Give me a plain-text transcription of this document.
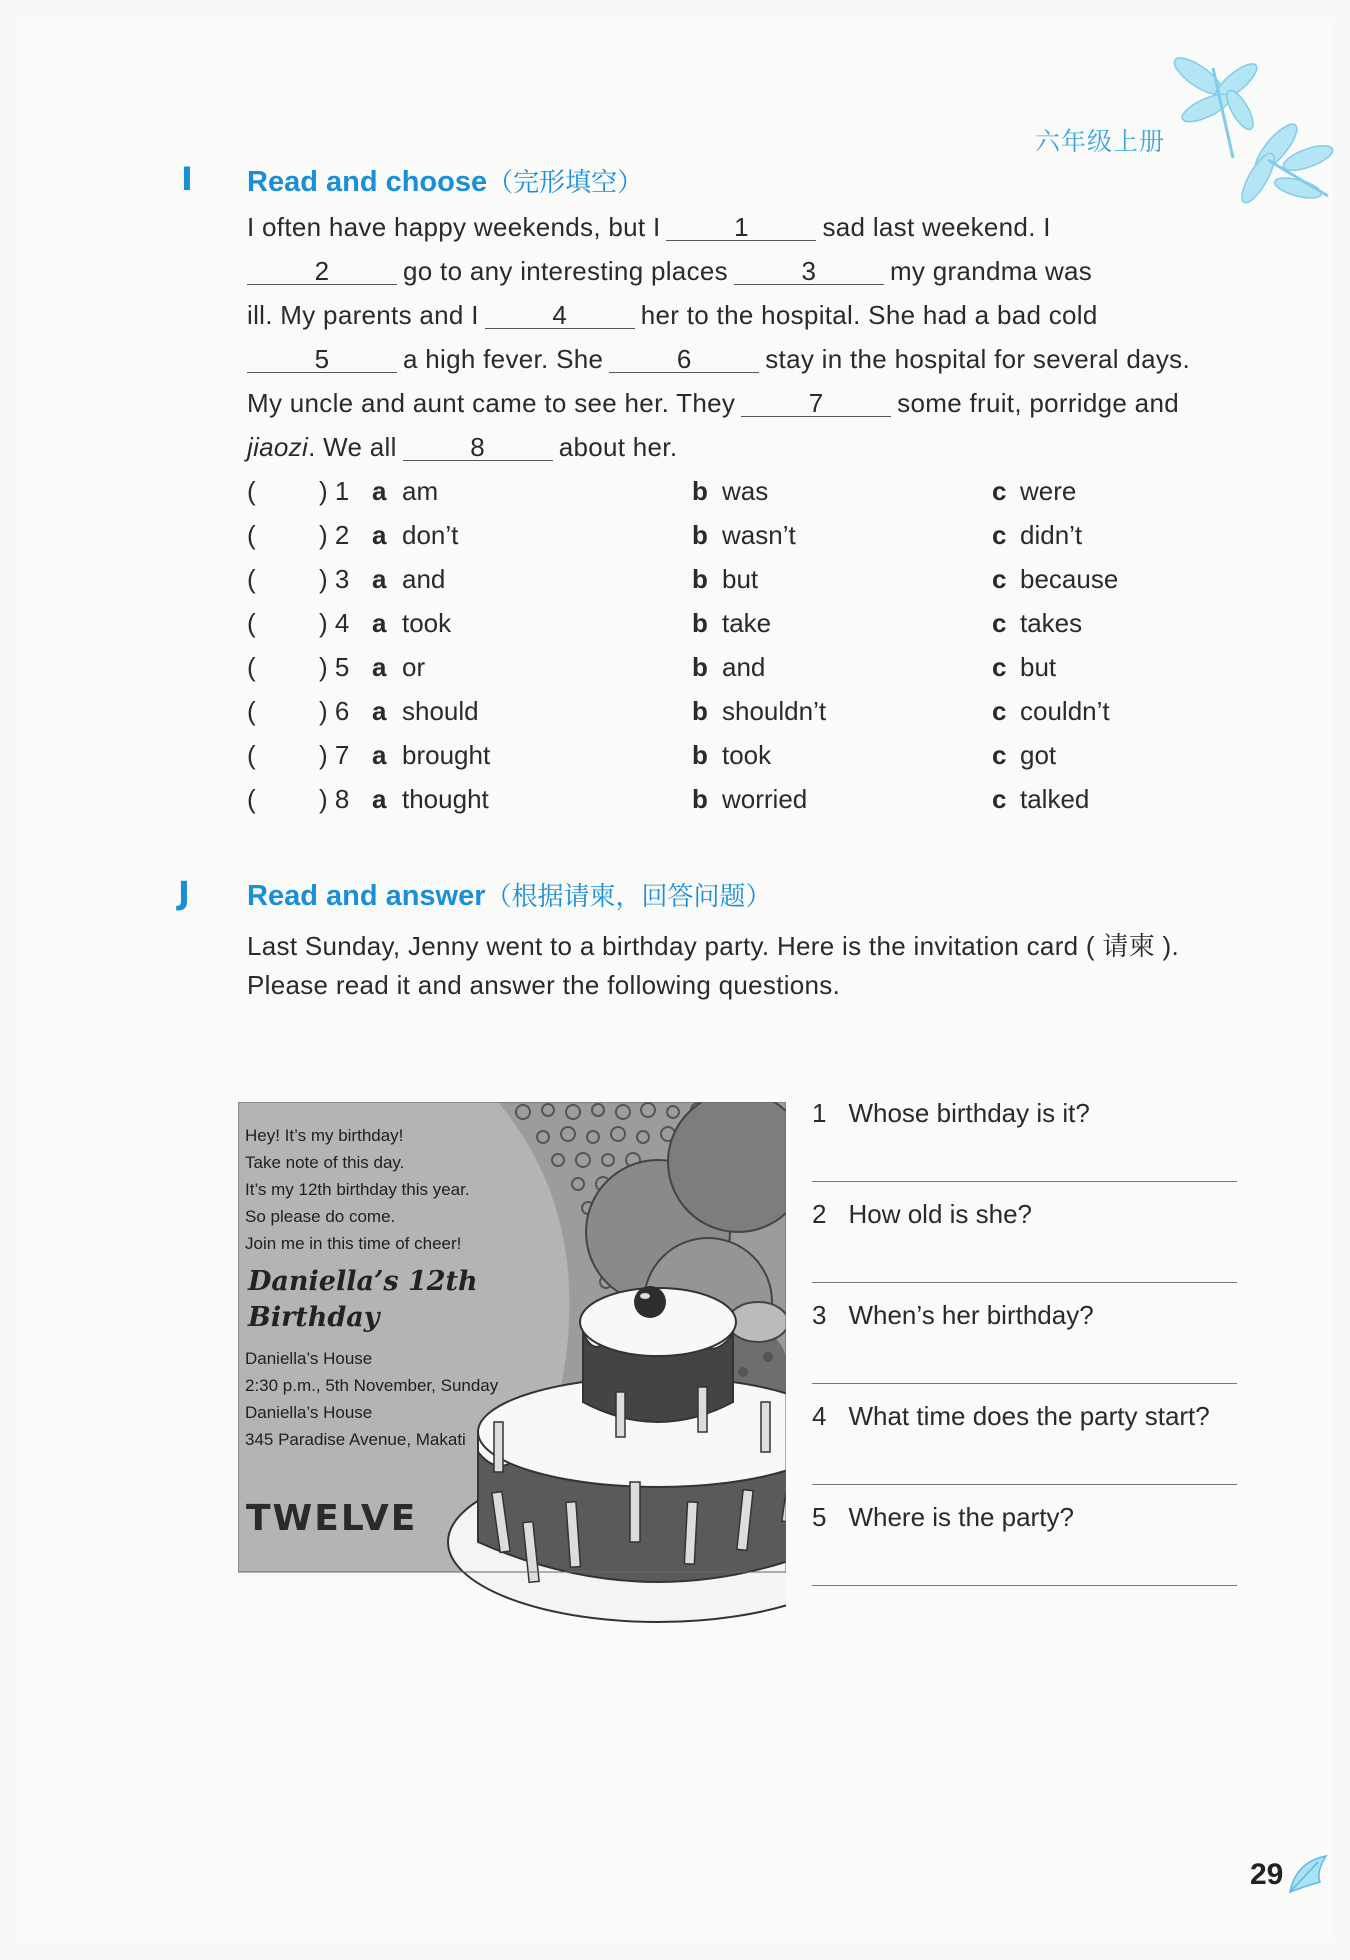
六年级上册
I Read and choose（完形填空）
I often have happy weekends, but I	1	sad last weekend. I
2	go to any interesting places	3	my grandma was
ill. My parents and I	4	her to the hospital. She had a bad cold
5	a high fever. She	6	stay in the hospital for several days.
My uncle and aunt came to see her. They	7	some fruit, porridge and
jiaozi. We all	8	about her.
( ) 1 a am	b was	c were
( ) 2 a don’t	b wasn’t	c didn’t
( ) 3 a and	b but	c because
( ) 4 a took	b take	c takes
( ) 5 a or	b and	c but
( ) 6 a should	b shouldn’t	c couldn’t
( ) 7 a brought	b took	c got
( ) 8 a thought	b worried	c talked
J Read and answer（根据请柬，回答问题）
Last Sunday, Jenny went to a birthday party. Here is the invitation card ( 请柬 ).
Please read it and answer the following questions.
Hey! It’s my birthday!
Take note of this day.
It’s my 12th birthday this year.
So please do come.
Join me in this time of cheer!
Daniella’s 12th
Birthday
Daniella’s House
2:30 p.m., 5th November, Sunday
Daniella’s House
345 Paradise Avenue, Makati
TWELVE
1 Whose birthday is it?
2 How old is she?
3 When’s her birthday?
4 What time does the party start?
5 Where is the party?
29
